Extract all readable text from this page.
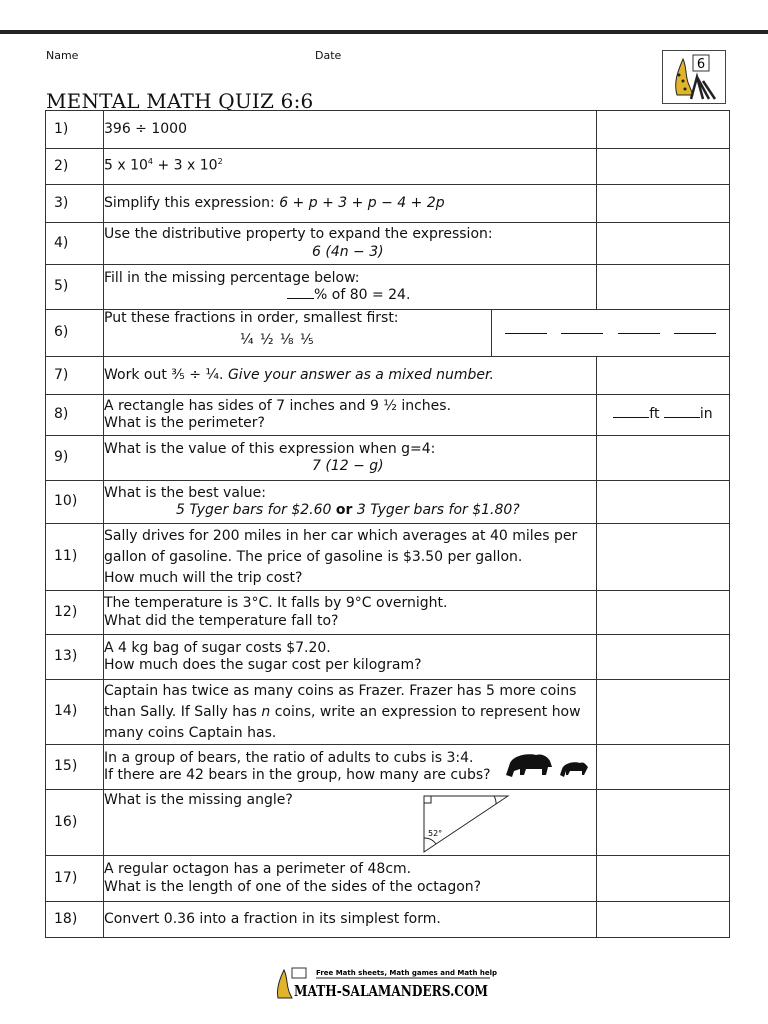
Name	Date
MENTAL MATH QUIZ 6:6
6
1)	396 ÷ 1000	
2)	5 x $10^4 + 3$ x $10^2$	
3)	Simplify this expression: 6 + p + 3 + p − 4 + 2p	
4)	Use the distributive property to expand the expression:
6 (4n − 3)	

5)	Fill in the missing percentage below:
% of 80 = 24.	

6)	Put these fractions in order, smallest first:
¼ ½ ⅛ ⅕	

7)	Work out ⅗ ÷ ¼. Give your answer as a mixed number.	
8)	A rectangle has sides of 7 inches and 9 ½ inches.
What is the perimeter?	ft in
9)	What is the value of this expression when g=4:
7 (12 − g)	

10)	What is the best value:
5 Tyger bars for $2.60 or 3 Tyger bars for $1.80?	

11)	Sally drives for 200 miles in her car which averages at 40 miles per
gallon of gasoline. The price of gasoline is $3.50 per gallon.
How much will the trip cost?	

12)	The temperature is 3°C. It falls by 9°C overnight.
What did the temperature fall to?	

13)	A 4 kg bag of sugar costs $7.20.
How much does the sugar cost per kilogram?	

14)	Captain has twice as many coins as Frazer. Frazer has 5 more coins
than Sally. If Sally has n coins, write an expression to represent how
many coins Captain has.	

15)	In a group of bears, the ratio of adults to cubs is 3:4.
If there are 42 bears in the group, how many are cubs?	

16)	What is the missing angle?
52°	

17)	A regular octagon has a perimeter of 48cm.
What is the length of one of the sides of the octagon?	

18)	Convert 0.36 into a fraction in its simplest form.	
Free Math sheets, Math games and Math help
MATH-SALAMANDERS.COM
